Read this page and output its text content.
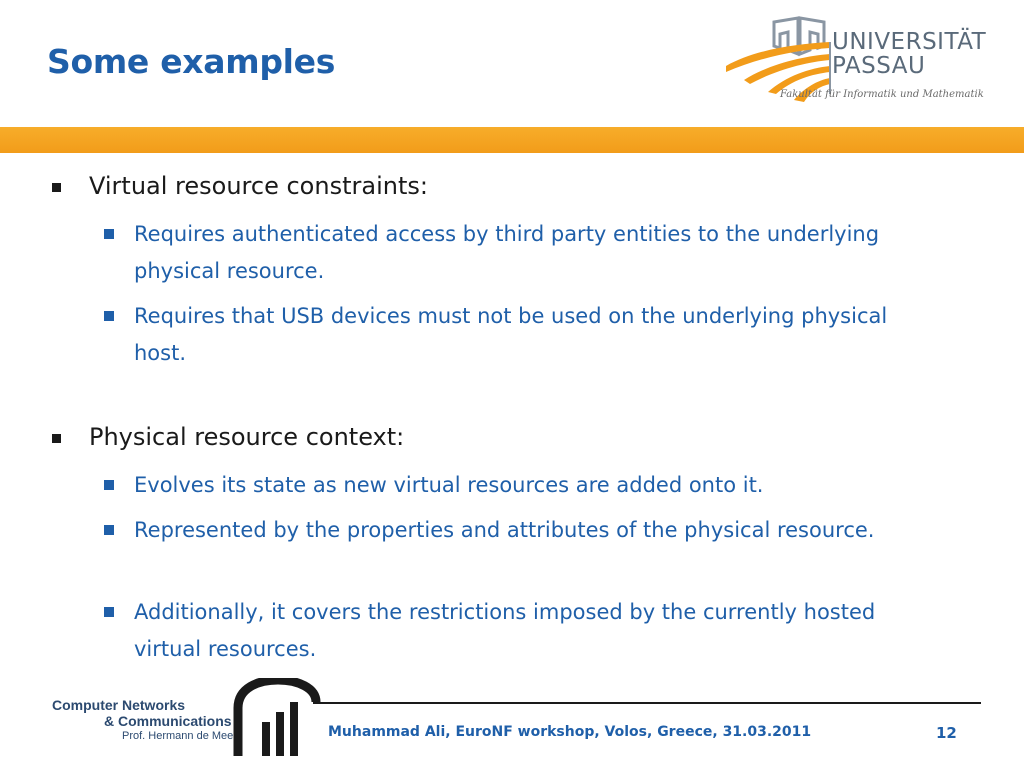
Some examples	UNIVERSITÄT
PASSAU
Fakultät für Informatik und Mathematik
Virtual resource constraints:
Requires authenticated access by third party entities to the underlying physical resource.
Requires that USB devices must not be used on the underlying physical host.
Physical resource context:
Evolves its state as new virtual resources are added onto it.
Represented by the properties and attributes of the physical resource.
Additionally, it covers the restrictions imposed by the currently hosted virtual resources.
Computer Networks
& Communications
Prof. Hermann de Meer	Muhammad Ali, EuroNF workshop, Volos, Greece, 31.03.2011	12
